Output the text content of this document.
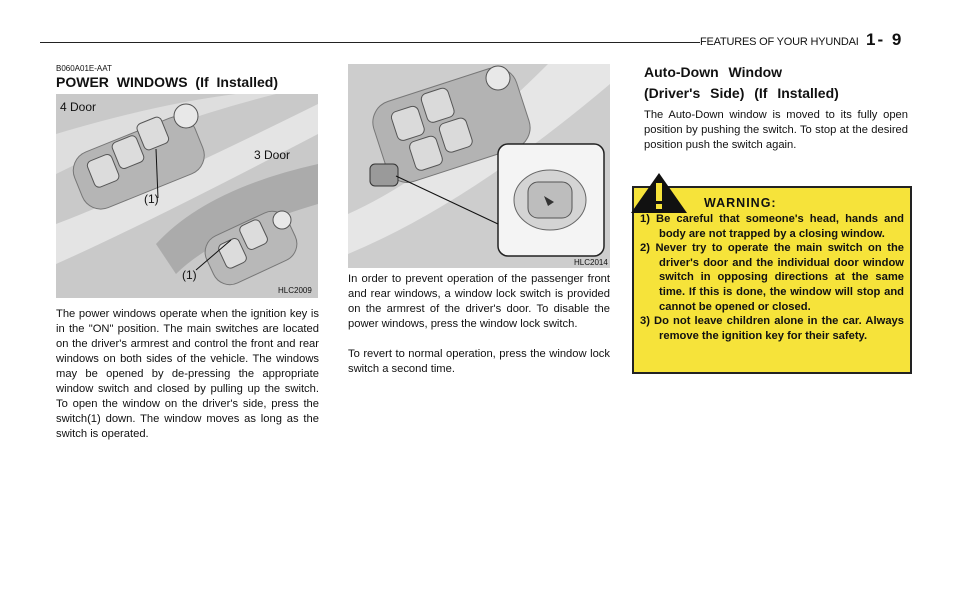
FEATURES OF YOUR HYUNDAI 1- 9
B060A01E-AAT
POWER WINDOWS (If Installed)
4 Door
3 Door
(1)
(1)
HLC2009
The power windows operate when the ignition key is in the "ON" position. The main switches are located on the driver's armrest and control the front and rear windows on both sides of the vehicle. The windows may be opened by de-pressing the appropriate window switch and closed by pulling up the switch. To open the window on the driver's side, press the switch(1) down. The window moves as long as the switch is operated.
HLC2014
In order to prevent operation of the passenger front and rear windows, a window lock switch is provided on the armrest of the driver's door. To disable the power windows, press the window lock switch.
To revert to normal operation, press the window lock switch a second time.
Auto-Down Window
(Driver's Side) (If Installed)
The Auto-Down window is moved to its fully open position by pushing the switch. To stop at the desired position push the switch again.
WARNING:
1) Be careful that someone's head, hands and body are not trapped by a closing window.
2) Never try to operate the main switch on the driver's door and the individual door window switch in opposing directions at the same time. If this is done, the window will stop and cannot be opened or closed.
3) Do not leave children alone in the car. Always remove the ignition key for their safety.
